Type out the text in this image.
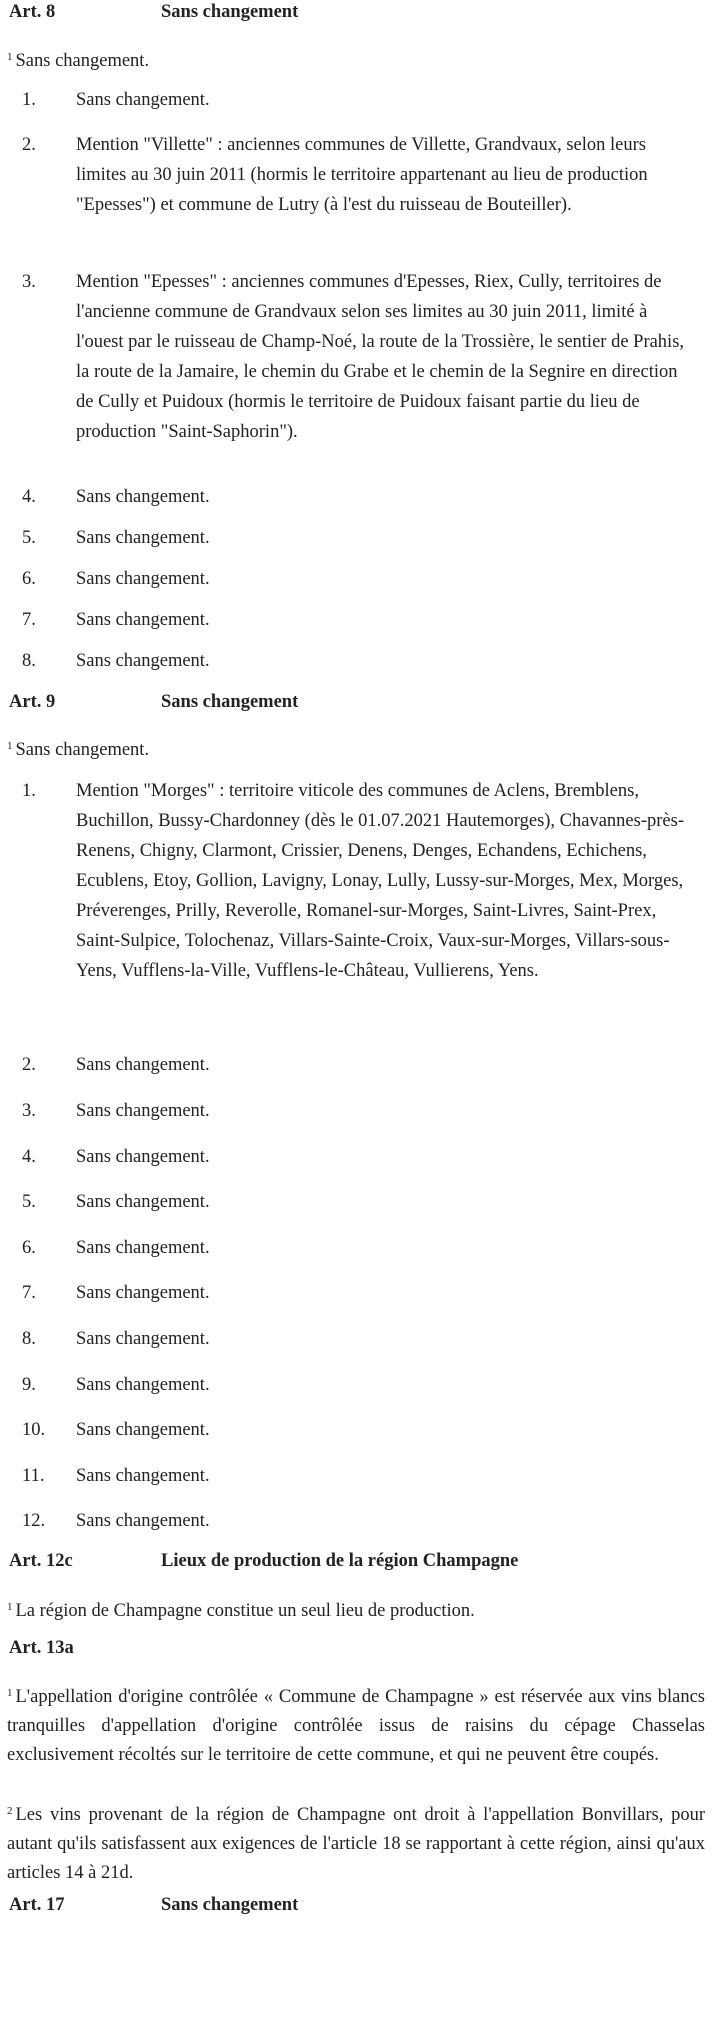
Art. 8	Sans changement
$^1$ Sans changement.
1.	Sans changement.
2.	Mention "Villette" : anciennes communes de Villette, Grandvaux, selon leurs limites au 30 juin 2011 (hormis le territoire appartenant au lieu de production "Epesses") et commune de Lutry (à l'est du ruisseau de Bouteiller).
3.	Mention "Epesses" : anciennes communes d'Epesses, Riex, Cully, territoires de l'ancienne commune de Grandvaux selon ses limites au 30 juin 2011, limité à l'ouest par le ruisseau de Champ-Noé, la route de la Trossière, le sentier de Prahis, la route de la Jamaire, le chemin du Grabe et le chemin de la Segnire en direction de Cully et Puidoux (hormis le territoire de Puidoux faisant partie du lieu de production "Saint-Saphorin").
4.	Sans changement.
5.	Sans changement.
6.	Sans changement.
7.	Sans changement.
8.	Sans changement.
Art. 9	Sans changement
$^1$ Sans changement.
1.	Mention "Morges" : territoire viticole des communes de Aclens, Bremblens, Buchillon, Bussy-Chardonney (dès le 01.07.2021 Hautemorges), Chavannes-près-Renens, Chigny, Clarmont, Crissier, Denens, Denges, Echandens, Echichens, Ecublens, Etoy, Gollion, Lavigny, Lonay, Lully, Lussy-sur-Morges, Mex, Morges, Préverenges, Prilly, Reverolle, Romanel-sur-Morges, Saint-Livres, Saint-Prex, Saint-Sulpice, Tolochenaz, Villars-Sainte-Croix, Vaux-sur-Morges, Villars-sous-Yens, Vufflens-la-Ville, Vufflens-le-Château, Vullierens, Yens.
2.	Sans changement.
3.	Sans changement.
4.	Sans changement.
5.	Sans changement.
6.	Sans changement.
7.	Sans changement.
8.	Sans changement.
9.	Sans changement.
10.	Sans changement.
11.	Sans changement.
12.	Sans changement.
Art. 12c	Lieux de production de la région Champagne
$^1$ La région de Champagne constitue un seul lieu de production.
Art. 13a
$^1$ L'appellation d'origine contrôlée « Commune de Champagne » est réservée aux vins blancs tranquilles d'appellation d'origine contrôlée issus de raisins du cépage Chasselas exclusivement récoltés sur le territoire de cette commune, et qui ne peuvent être coupés.
$^2$ Les vins provenant de la région de Champagne ont droit à l'appellation Bonvillars, pour autant qu'ils satisfassent aux exigences de l'article 18 se rapportant à cette région, ainsi qu'aux articles 14 à 21d.
Art. 17	Sans changement
